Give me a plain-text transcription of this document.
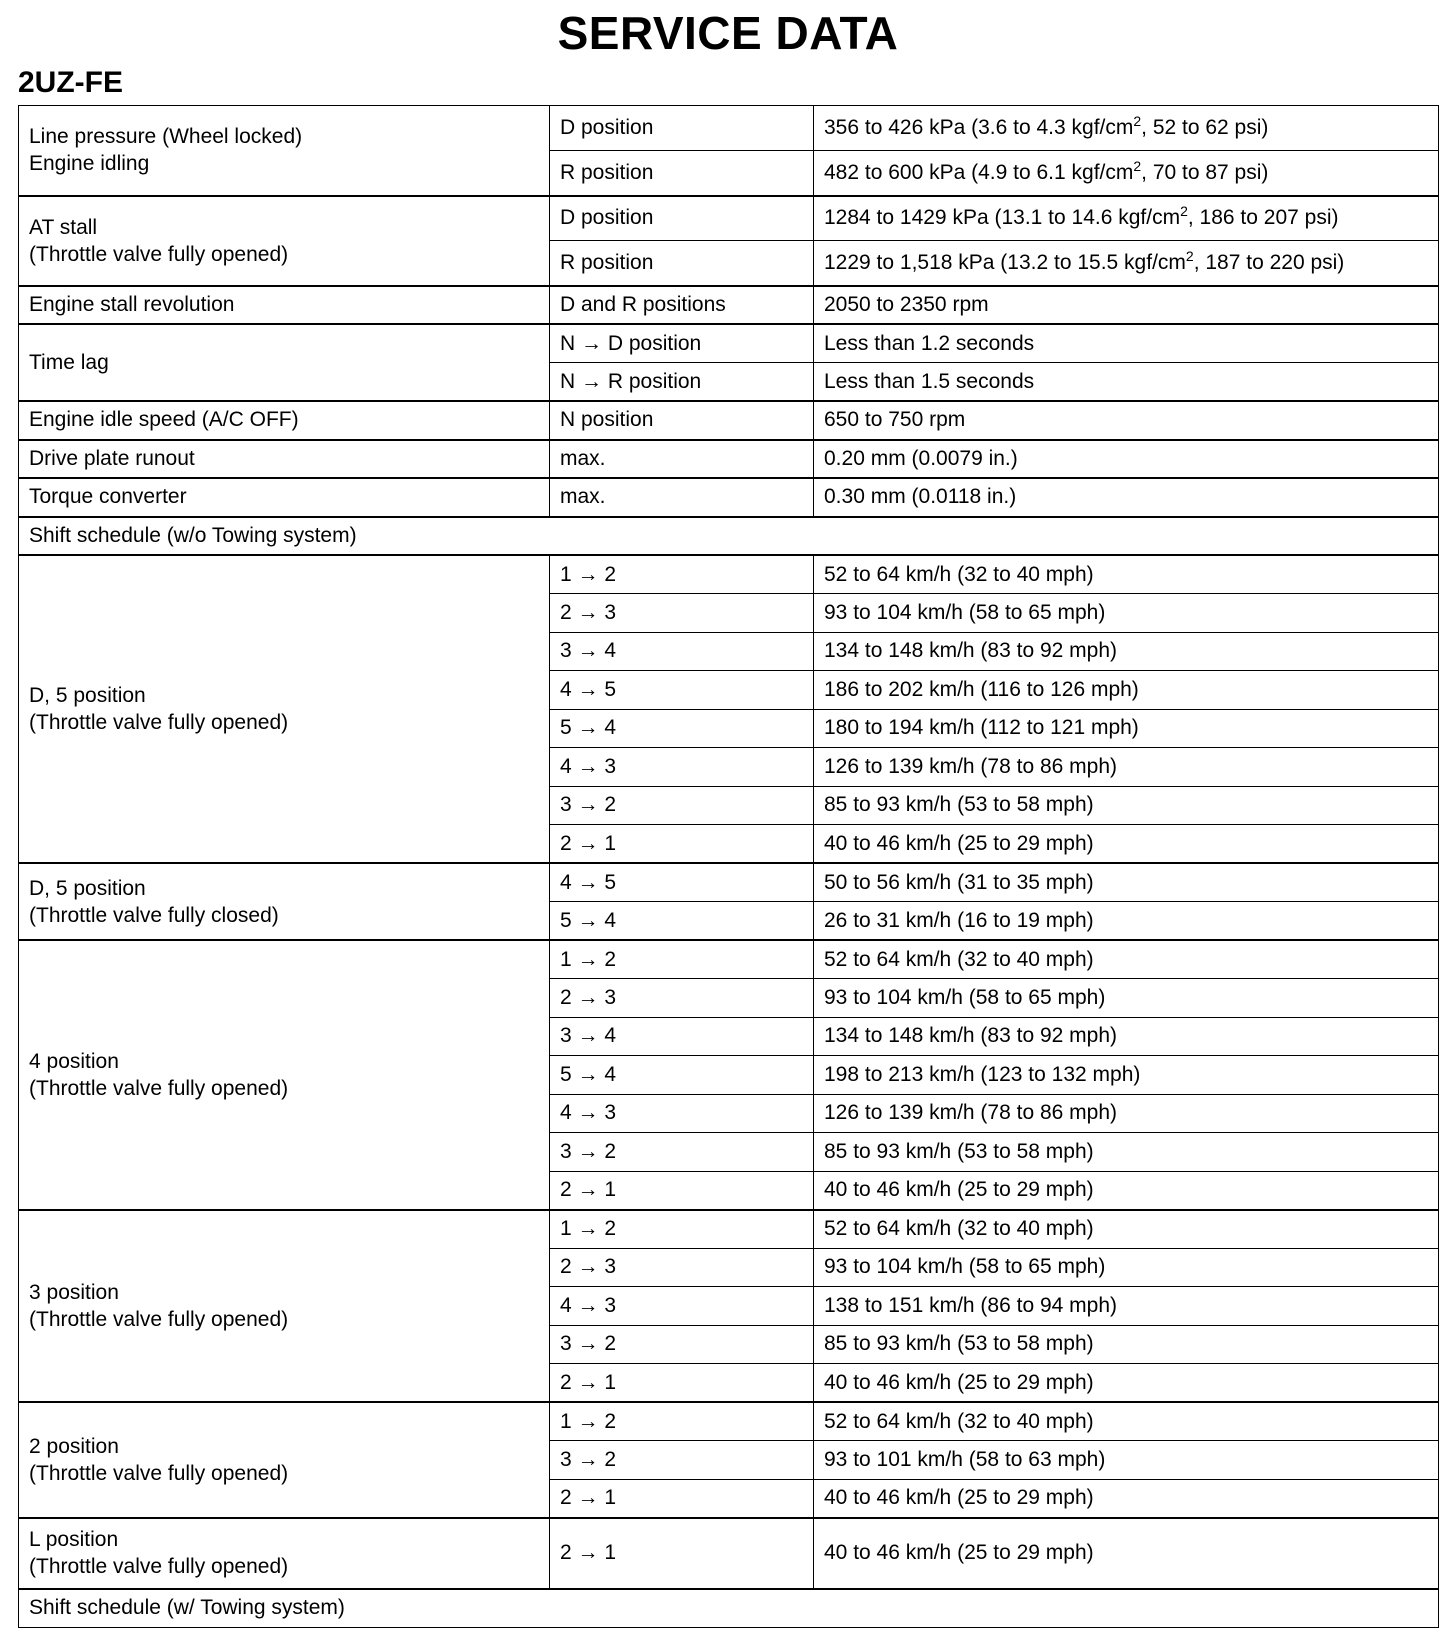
SERVICE DATA
2UZ-FE
Line pressure (Wheel locked)
Engine idling	D position	356 to 426 kPa (3.6 to 4.3 kgf/$cm^2$, 52 to 62 psi)
	R position	482 to 600 kPa (4.9 to 6.1 kgf/$cm^2$, 70 to 87 psi)
AT stall
(Throttle valve fully opened)	D position	1284 to 1429 kPa (13.1 to 14.6 kgf/$cm^2$, 186 to 207 psi)
	R position	1229 to 1,518 kPa (13.2 to 15.5 kgf/$cm^2$, 187 to 220 psi)
Engine stall revolution	D and R positions	2050 to 2350 rpm
Time lag	N → D position	Less than 1.2 seconds
	N → R position	Less than 1.5 seconds
Engine idle speed (A/C OFF)	N position	650 to 750 rpm
Drive plate runout	max.	0.20 mm (0.0079 in.)
Torque converter	max.	0.30 mm (0.0118 in.)
Shift schedule (w/o Towing system)		
D, 5 position
(Throttle valve fully opened)	1 → 2	52 to 64 km/h (32 to 40 mph)
	2 → 3	93 to 104 km/h (58 to 65 mph)
	3 → 4	134 to 148 km/h (83 to 92 mph)
	4 → 5	186 to 202 km/h (116 to 126 mph)
	5 → 4	180 to 194 km/h (112 to 121 mph)
	4 → 3	126 to 139 km/h (78 to 86 mph)
	3 → 2	85 to 93 km/h (53 to 58 mph)
	2 → 1	40 to 46 km/h (25 to 29 mph)
D, 5 position
(Throttle valve fully closed)	4 → 5	50 to 56 km/h (31 to 35 mph)
	5 → 4	26 to 31 km/h (16 to 19 mph)
4 position
(Throttle valve fully opened)	1 → 2	52 to 64 km/h (32 to 40 mph)
	2 → 3	93 to 104 km/h (58 to 65 mph)
	3 → 4	134 to 148 km/h (83 to 92 mph)
	5 → 4	198 to 213 km/h (123 to 132 mph)
	4 → 3	126 to 139 km/h (78 to 86 mph)
	3 → 2	85 to 93 km/h (53 to 58 mph)
	2 → 1	40 to 46 km/h (25 to 29 mph)
3 position
(Throttle valve fully opened)	1 → 2	52 to 64 km/h (32 to 40 mph)
	2 → 3	93 to 104 km/h (58 to 65 mph)
	4 → 3	138 to 151 km/h (86 to 94 mph)
	3 → 2	85 to 93 km/h (53 to 58 mph)
	2 → 1	40 to 46 km/h (25 to 29 mph)
2 position
(Throttle valve fully opened)	1 → 2	52 to 64 km/h (32 to 40 mph)
	3 → 2	93 to 101 km/h (58 to 63 mph)
	2 → 1	40 to 46 km/h (25 to 29 mph)
L position
(Throttle valve fully opened)	2 → 1	40 to 46 km/h (25 to 29 mph)
Shift schedule (w/ Towing system)		
